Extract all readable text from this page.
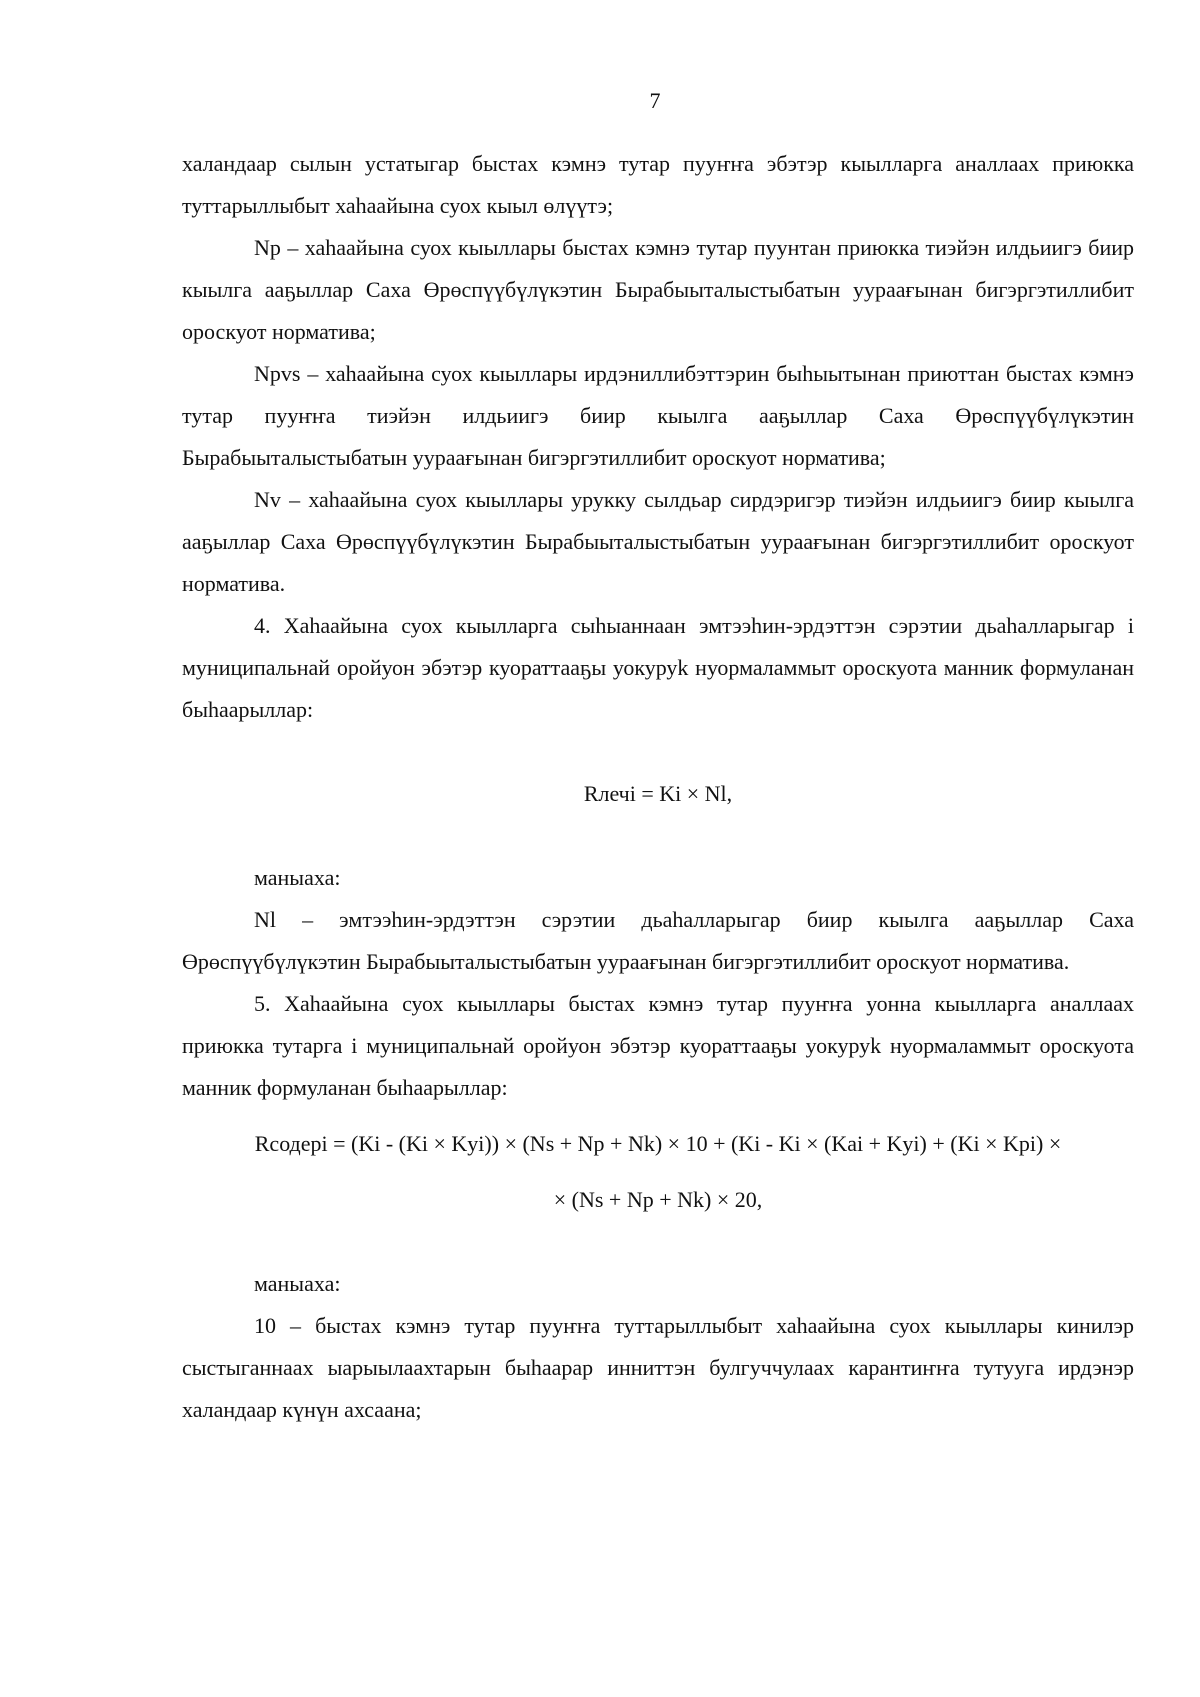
7

халандаар сылын устатыгар быстах кэмнэ тутар пууҥҥа эбэтэр кыылларга аналлаах приюкка туттарыллыбыт хаһаайына суох кыыл өлүүтэ;

Np – хаһаайына суох кыыллары быстах кэмнэ тутар пуунтан приюкка тиэйэн илдьиигэ биир кыылга ааҕыллар Саха Өрөспүүбүлүкэтин Бырабыыталыстыбатын уураағынан бигэргэтиллибит ороскуот норматива;

Npvs – хаһаайына суох кыыллары ирдэниллибэттэрин быһыытынан приюттан быстах кэмнэ тутар пууҥҥа тиэйэн илдьиигэ биир кыылга ааҕыллар Саха Өрөспүүбүлүкэтин Бырабыыталыстыбатын уураағынан бигэргэтиллибит ороскуот норматива;

Nv – хаһаайына суох кыыллары урукку сылдьар сирдэригэр тиэйэн илдьиигэ биир кыылга ааҕыллар Саха Өрөспүүбүлүкэтин Бырабыыталыстыбатын уураағынан бигэргэтиллибит ороскуот норматива.

4. Хаһаайына суох кыылларга сыһыаннаан эмтээһин-эрдэттэн сэрэтии дьаһалларыгар i муниципальнай оройуон эбэтэр куораттааҕы уокуруk нуормаламмыт ороскуота манник формуланан быһаарыллар:

Rлечi = Ki × Nl,

маныаха:

Nl – эмтээһин-эрдэттэн сэрэтии дьаһалларыгар биир кыылга ааҕыллар Саха Өрөспүүбүлүкэтин Бырабыыталыстыбатын уураағынан бигэргэтиллибит ороскуот норматива.

5. Хаһаайына суох кыыллары быстах кэмнэ тутар пууҥҥа уонна кыылларга аналлаах приюкка тутарга i муниципальнай оройуон эбэтэр куораттааҕы уокуруk нуормаламмыт ороскуота манник формуланан быһаарыллар:

Rсодерi = (Ki - (Ki × Kуi)) × (Ns + Np + Nk) × 10 + (Ki - Ki × (Kai + Kуi) + (Ki × Kpi) ×

× (Ns + Np + Nk) × 20,

маныаха:

10 – быстах кэмнэ тутар пууҥҥа туттарыллыбыт хаһаайына суох кыыллары кинилэр сыстыганнаах ыарыылаахтарын быһаарар инниттэн булгуччулаах карантиҥҥа тутууга ирдэнэр халандаар күнүн ахсаана;
